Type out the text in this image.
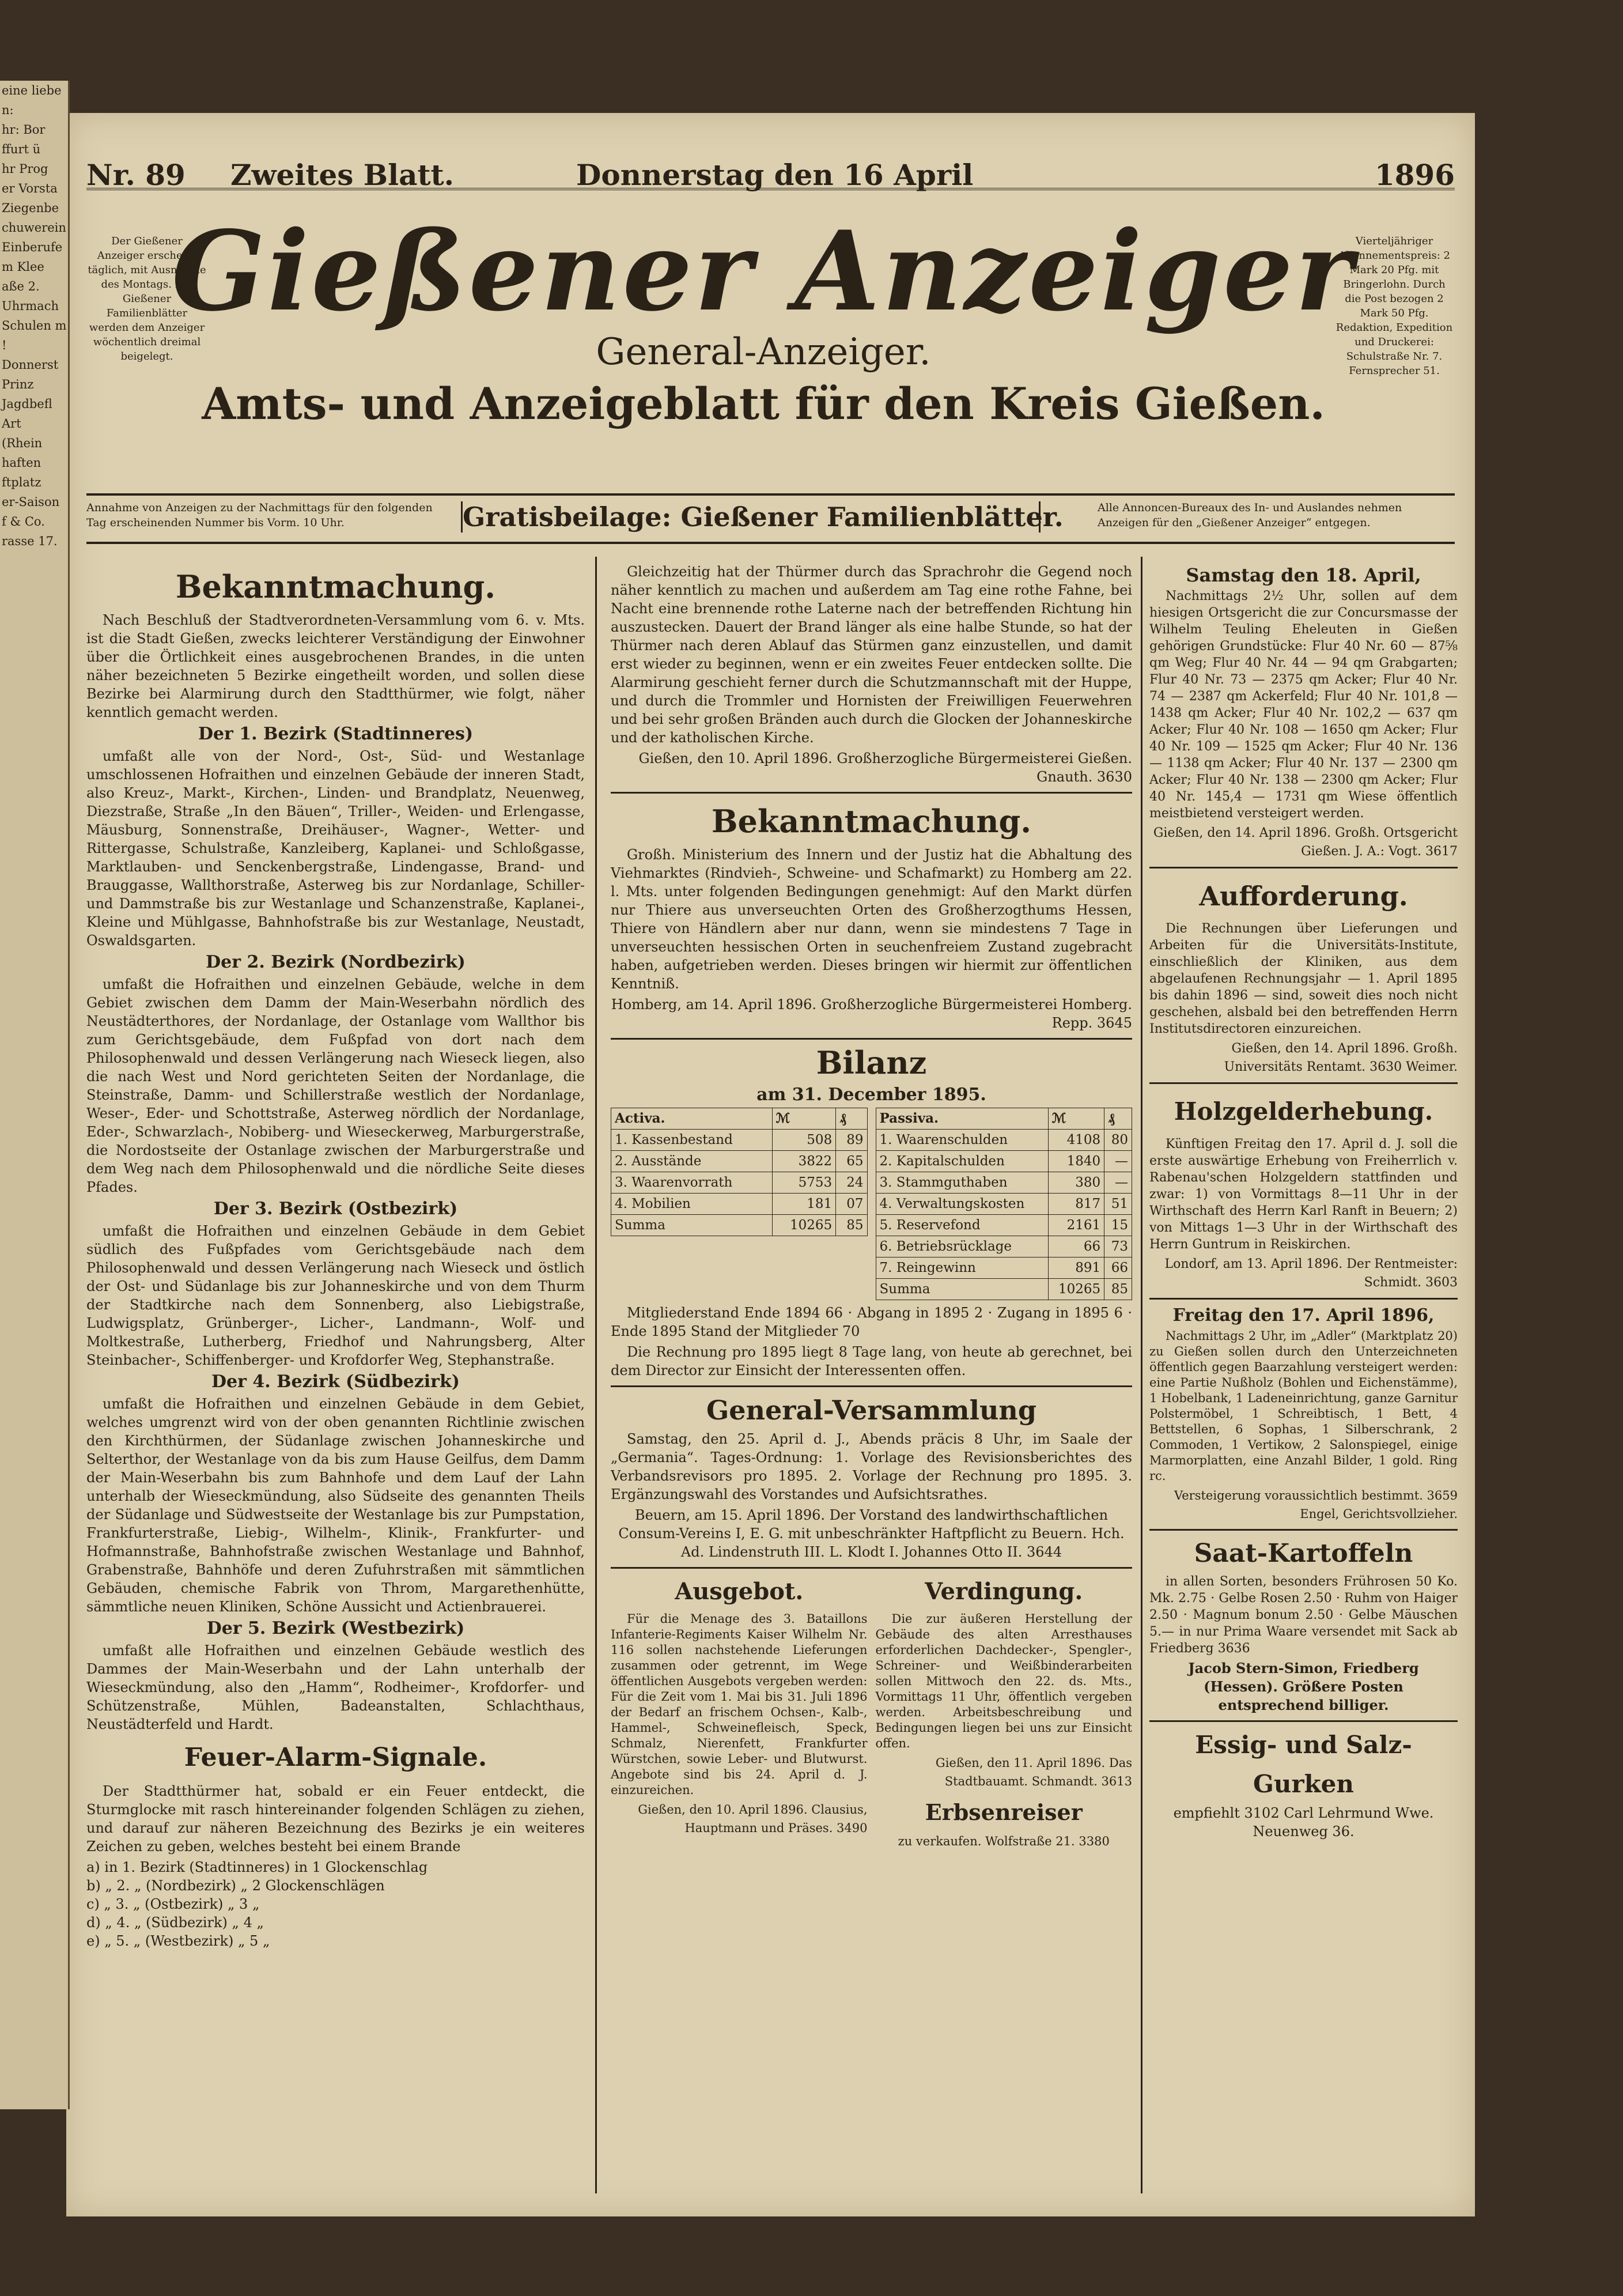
Nr. 89 Zweites Blatt.	Donnerstag den 16 April	1896
Der Gießener Anzeiger erscheint täglich, mit Ausnahme des Montags. Die Gießener Familienblätter werden dem Anzeiger wöchentlich dreimal beigelegt.
Vierteljähriger Abonnementspreis: 2 Mark 20 Pfg. mit Bringerlohn. Durch die Post bezogen 2 Mark 50 Pfg. Redaktion, Expedition und Druckerei: Schulstraße Nr. 7. Fernsprecher 51.
Gießener Anzeiger
General-Anzeiger.
Amts- und Anzeigeblatt für den Kreis Gießen.
Annahme von Anzeigen zu der Nachmittags für den folgenden Tag erscheinenden Nummer bis Vorm. 10 Uhr.	Gratisbeilage: Gießener Familienblätter.	Alle Annoncen-Bureaux des In- und Auslandes nehmen Anzeigen für den „Gießener Anzeiger“ entgegen.
Bekanntmachung.

Nach Beschluß der Stadtverordneten-Versammlung vom 6. v. Mts. ist die Stadt Gießen, zwecks leichterer Verständigung der Einwohner über die Örtlichkeit eines ausgebrochenen Brandes, in die unten näher bezeichneten 5 Bezirke eingetheilt worden, und sollen diese Bezirke bei Alarmirung durch den Stadtthürmer, wie folgt, näher kenntlich gemacht werden.

Der 1. Bezirk (Stadtinneres)

umfaßt alle von der Nord-, Ost-, Süd- und Westanlage umschlossenen Hofraithen und einzelnen Gebäude der inneren Stadt, also Kreuz-, Markt-, Kirchen-, Linden- und Brandplatz, Neuenweg, Diezstraße, Straße „In den Bäuen“, Triller-, Weiden- und Erlengasse, Mäusburg, Sonnenstraße, Dreihäuser-, Wagner-, Wetter- und Rittergasse, Schulstraße, Kanzleiberg, Kaplanei- und Schloßgasse, Marktlauben- und Senckenbergstraße, Lindengasse, Brand- und Brauggasse, Wallthorstraße, Asterweg bis zur Nordanlage, Schiller- und Dammstraße bis zur Westanlage und Schanzenstraße, Kaplanei-, Kleine und Mühlgasse, Bahnhofstraße bis zur Westanlage, Neustadt, Oswaldsgarten.

Der 2. Bezirk (Nordbezirk)

umfaßt die Hofraithen und einzelnen Gebäude, welche in dem Gebiet zwischen dem Damm der Main-Weserbahn nördlich des Neustädterthores, der Nordanlage, der Ostanlage vom Wallthor bis zum Gerichtsgebäude, dem Fußpfad von dort nach dem Philosophenwald und dessen Verlängerung nach Wieseck liegen, also die nach West und Nord gerichteten Seiten der Nordanlage, die Steinstraße, Damm- und Schillerstraße westlich der Nordanlage, Weser-, Eder- und Schottstraße, Asterweg nördlich der Nordanlage, Eder-, Schwarzlach-, Nobiberg- und Wieseckerweg, Marburgerstraße, die Nordostseite der Ostanlage zwischen der Marburgerstraße und dem Weg nach dem Philosophenwald und die nördliche Seite dieses Pfades.

Der 3. Bezirk (Ostbezirk)

umfaßt die Hofraithen und einzelnen Gebäude in dem Gebiet südlich des Fußpfades vom Gerichtsgebäude nach dem Philosophenwald und dessen Verlängerung nach Wieseck und östlich der Ost- und Südanlage bis zur Johanneskirche und von dem Thurm der Stadtkirche nach dem Sonnenberg, also Liebigstraße, Ludwigsplatz, Grünberger-, Licher-, Landmann-, Wolf- und Moltkestraße, Lutherberg, Friedhof und Nahrungsberg, Alter Steinbacher-, Schiffenberger- und Krofdorfer Weg, Stephanstraße.

Der 4. Bezirk (Südbezirk)

umfaßt die Hofraithen und einzelnen Gebäude in dem Gebiet, welches umgrenzt wird von der oben genannten Richtlinie zwischen den Kirchthürmen, der Südanlage zwischen Johanneskirche und Selterthor, der Westanlage von da bis zum Hause Geilfus, dem Damm der Main-Weserbahn bis zum Bahnhofe und dem Lauf der Lahn unterhalb der Wieseckmündung, also Südseite des genannten Theils der Südanlage und Südwestseite der Westanlage bis zur Pumpstation, Frankfurterstraße, Liebig-, Wilhelm-, Klinik-, Frankfurter- und Hofmannstraße, Bahnhofstraße zwischen Westanlage und Bahnhof, Grabenstraße, Bahnhöfe und deren Zufuhrstraßen mit sämmtlichen Gebäuden, chemische Fabrik von Throm, Margarethenhütte, sämmtliche neuen Kliniken, Schöne Aussicht und Actienbrauerei.

Der 5. Bezirk (Westbezirk)

umfaßt alle Hofraithen und einzelnen Gebäude westlich des Dammes der Main-Weserbahn und der Lahn unterhalb der Wieseckmündung, also den „Hamm“, Rodheimer-, Krofdorfer- und Schützenstraße, Mühlen, Badeanstalten, Schlachthaus, Neustädterfeld und Hardt.

Feuer-Alarm-Signale.

Der Stadtthürmer hat, sobald er ein Feuer entdeckt, die Sturmglocke mit rasch hintereinander folgenden Schlägen zu ziehen, und darauf zur näheren Bezeichnung des Bezirks je ein weiteres Zeichen zu geben, welches besteht bei einem Brande

a) in 1. Bezirk (Stadtinneres) in 1 Glockenschlag
b) „ 2. „ (Nordbezirk) „ 2 Glockenschlägen
c) „ 3. „ (Ostbezirk) „ 3 „
d) „ 4. „ (Südbezirk) „ 4 „
e) „ 5. „ (Westbezirk) „ 5 „

Gleichzeitig hat der Thürmer durch das Sprachrohr die Gegend noch näher kenntlich zu machen und außerdem am Tag eine rothe Fahne, bei Nacht eine brennende rothe Laterne nach der betreffenden Richtung hin auszustecken. Dauert der Brand länger als eine halbe Stunde, so hat der Thürmer nach deren Ablauf das Stürmen ganz einzustellen, und damit erst wieder zu beginnen, wenn er ein zweites Feuer entdecken sollte. Die Alarmirung geschieht ferner durch die Schutzmannschaft mit der Huppe, und durch die Trommler und Hornisten der Freiwilligen Feuerwehren und bei sehr großen Bränden auch durch die Glocken der Johanneskirche und der katholischen Kirche.

Gießen, den 10. April 1896. Großherzogliche Bürgermeisterei Gießen. Gnauth. 3630
Bekanntmachung.

Großh. Ministerium des Innern und der Justiz hat die Abhaltung des Viehmarktes (Rindvieh-, Schweine- und Schafmarkt) zu Homberg am 22. l. Mts. unter folgenden Bedingungen genehmigt: Auf den Markt dürfen nur Thiere aus unverseuchten Orten des Großherzogthums Hessen, Thiere von Händlern aber nur dann, wenn sie mindestens 7 Tage in unverseuchten hessischen Orten in seuchenfreiem Zustand zugebracht haben, aufgetrieben werden. Dieses bringen wir hiermit zur öffentlichen Kenntniß.

Homberg, am 14. April 1896. Großherzogliche Bürgermeisterei Homberg. Repp. 3645
Bilanz
am 31. December 1895.
Activa.	ℳ	₰
1. Kassenbestand	508	89
2. Ausstände	3822	65
3. Waarenvorrath	5753	24
4. Mobilien	181	07
Summa	10265	85
Passiva.	ℳ	₰
1. Waarenschulden	4108	80
2. Kapitalschulden	1840	—
3. Stammguthaben	380	—
4. Verwaltungskosten	817	51
5. Reservefond	2161	15
6. Betriebsrücklage	66	73
7. Reingewinn	891	66
Summa	10265	85

Mitgliederstand Ende 1894 66 · Abgang in 1895 2 · Zugang in 1895 6 · Ende 1895 Stand der Mitglieder 70

Die Rechnung pro 1895 liegt 8 Tage lang, von heute ab gerechnet, bei dem Director zur Einsicht der Interessenten offen.

General-Versammlung

Samstag, den 25. April d. J., Abends präcis 8 Uhr, im Saale der „Germania“. Tages-Ordnung: 1. Vorlage des Revisionsberichtes des Verbandsrevisors pro 1895. 2. Vorlage der Rechnung pro 1895. 3. Ergänzungswahl des Vorstandes und Aufsichtsrathes.

Beuern, am 15. April 1896. Der Vorstand des landwirthschaftlichen Consum-Vereins I, E. G. mit unbeschränkter Haftpflicht zu Beuern. Hch. Ad. Lindenstruth III. L. Klodt I. Johannes Otto II. 3644
Ausgebot.

Für die Menage des 3. Bataillons Infanterie-Regiments Kaiser Wilhelm Nr. 116 sollen nachstehende Lieferungen zusammen oder getrennt, im Wege öffentlichen Ausgebots vergeben werden: Für die Zeit vom 1. Mai bis 31. Juli 1896 der Bedarf an frischem Ochsen-, Kalb-, Hammel-, Schweinefleisch, Speck, Schmalz, Nierenfett, Frankfurter Würstchen, sowie Leber- und Blutwurst. Angebote sind bis 24. April d. J. einzureichen.

Gießen, den 10. April 1896. Clausius, Hauptmann und Präses. 3490
Verdingung.

Die zur äußeren Herstellung der Gebäude des alten Arresthauses erforderlichen Dachdecker-, Spengler-, Schreiner- und Weißbinderarbeiten sollen Mittwoch den 22. ds. Mts., Vormittags 11 Uhr, öffentlich vergeben werden. Arbeitsbeschreibung und Bedingungen liegen bei uns zur Einsicht offen.

Gießen, den 11. April 1896. Das Stadtbauamt. Schmandt. 3613
Erbsenreiser
zu verkaufen. Wolfstraße 21. 3380
Samstag den 18. April,

Nachmittags 2½ Uhr, sollen auf dem hiesigen Ortsgericht die zur Concursmasse der Wilhelm Teuling Eheleuten in Gießen gehörigen Grundstücke: Flur 40 Nr. 60 — 87⅝ qm Weg; Flur 40 Nr. 44 — 94 qm Grabgarten; Flur 40 Nr. 73 — 2375 qm Acker; Flur 40 Nr. 74 — 2387 qm Ackerfeld; Flur 40 Nr. 101,8 — 1438 qm Acker; Flur 40 Nr. 102,2 — 637 qm Acker; Flur 40 Nr. 108 — 1650 qm Acker; Flur 40 Nr. 109 — 1525 qm Acker; Flur 40 Nr. 136 — 1138 qm Acker; Flur 40 Nr. 137 — 2300 qm Acker; Flur 40 Nr. 138 — 2300 qm Acker; Flur 40 Nr. 145,4 — 1731 qm Wiese öffentlich meistbietend versteigert werden.

Gießen, den 14. April 1896. Großh. Ortsgericht Gießen. J. A.: Vogt. 3617
Aufforderung.

Die Rechnungen über Lieferungen und Arbeiten für die Universitäts-Institute, einschließlich der Kliniken, aus dem abgelaufenen Rechnungsjahr — 1. April 1895 bis dahin 1896 — sind, soweit dies noch nicht geschehen, alsbald bei den betreffenden Herrn Institutsdirectoren einzureichen.

Gießen, den 14. April 1896. Großh. Universitäts Rentamt. 3630 Weimer.
Holzgelderhebung.

Künftigen Freitag den 17. April d. J. soll die erste auswärtige Erhebung von Freiherrlich v. Rabenau'schen Holzgeldern stattfinden und zwar: 1) von Vormittags 8—11 Uhr in der Wirthschaft des Herrn Karl Ranft in Beuern; 2) von Mittags 1—3 Uhr in der Wirthschaft des Herrn Guntrum in Reiskirchen.

Londorf, am 13. April 1896. Der Rentmeister: Schmidt. 3603
Freitag den 17. April 1896,

Nachmittags 2 Uhr, im „Adler“ (Marktplatz 20) zu Gießen sollen durch den Unterzeichneten öffentlich gegen Baarzahlung versteigert werden: eine Partie Nußholz (Bohlen und Eichenstämme), 1 Hobelbank, 1 Ladeneinrichtung, ganze Garnitur Polstermöbel, 1 Schreibtisch, 1 Bett, 4 Bettstellen, 6 Sophas, 1 Silberschrank, 2 Commoden, 1 Vertikow, 2 Salonspiegel, einige Marmorplatten, eine Anzahl Bilder, 1 gold. Ring rc.

Versteigerung voraussichtlich bestimmt. 3659 Engel, Gerichtsvollzieher.
Saat-Kartoffeln

in allen Sorten, besonders Frührosen 50 Ko. Mk. 2.75 · Gelbe Rosen 2.50 · Ruhm von Haiger 2.50 · Magnum bonum 2.50 · Gelbe Mäuschen 5.— in nur Prima Waare versendet mit Sack ab Friedberg 3636

Jacob Stern-Simon, Friedberg (Hessen). Größere Posten entsprechend billiger.
Essig- und Salz-Gurken
empfiehlt 3102 Carl Lehrmund Wwe. Neuenweg 36.
eine liebe
n:
hr: Bor
ffurt ü
hr Prog
er Vorsta
Ziegenbe
chuwerein
Einberufe
m Klee
aße 2.
Uhrmach
Schulen m
!
Donnerst
Prinz
Jagdbefl
Art
(Rhein
haften
ftplatz
er-Saison
f & Co.
rasse 17.
